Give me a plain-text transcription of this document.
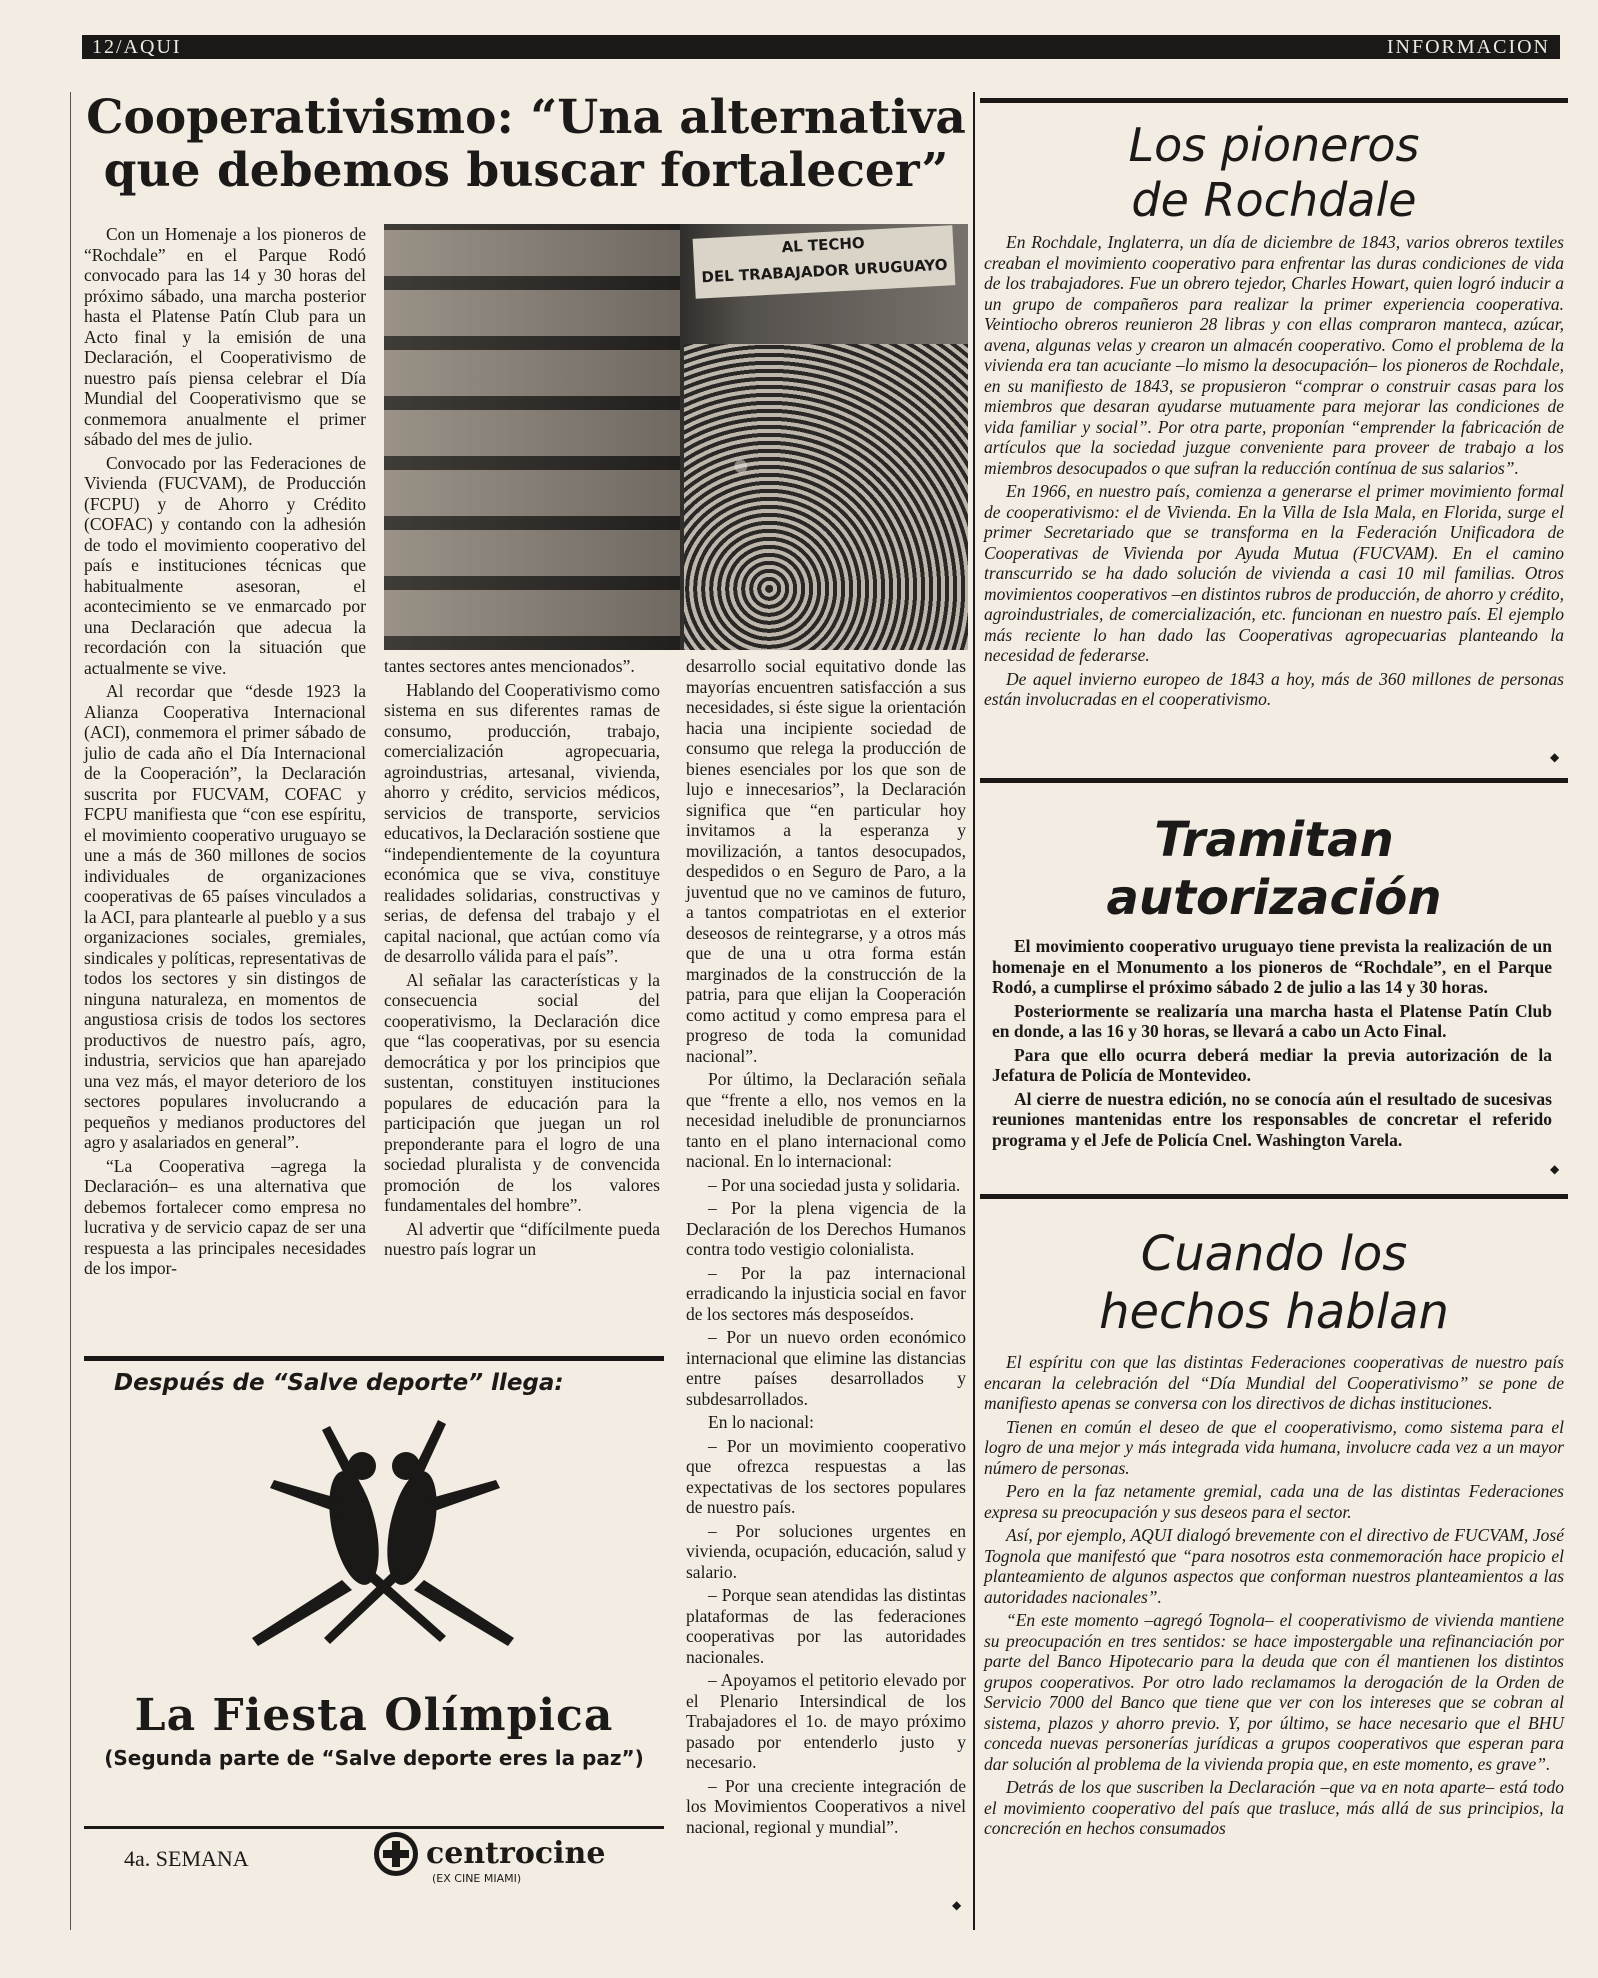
12/AQUI	INFORMACION
Cooperativismo: “Una alternativa
que debemos buscar fortalecer”

Con un Homenaje a los pioneros de “Rochdale” en el Parque Rodó convocado para las 14 y 30 horas del próximo sábado, una marcha posterior hasta el Platense Patín Club para un Acto final y la emisión de una Declaración, el Cooperativismo de nuestro país piensa celebrar el Día Mundial del Cooperativismo que se conmemora anualmente el primer sábado del mes de julio.

Convocado por las Federaciones de Vivienda (FUCVAM), de Producción (FCPU) y de Ahorro y Crédito (COFAC) y contando con la adhesión de todo el movimiento cooperativo del país e instituciones técnicas que habitualmente asesoran, el acontecimiento se ve enmarcado por una Declaración que adecua la recordación con la situación que actualmente se vive.

Al recordar que “desde 1923 la Alianza Cooperativa Internacional (ACI), conmemora el primer sábado de julio de cada año el Día Internacional de la Cooperación”, la Declaración suscrita por FUCVAM, COFAC y FCPU manifiesta que “con ese espíritu, el movimiento cooperativo uruguayo se une a más de 360 millones de socios individuales de organizaciones cooperativas de 65 países vinculados a la ACI, para plantearle al pueblo y a sus organizaciones sociales, gremiales, sindicales y políticas, representativas de todos los sectores y sin distingos de ninguna naturaleza, en momentos de angustiosa crisis de todos los sectores productivos de nuestro país, agro, industria, servicios que han aparejado una vez más, el mayor deterioro de los sectores populares involucrando a pequeños y medianos productores del agro y asalariados en general”.

“La Cooperativa –agrega la Declaración– es una alternativa que debemos fortalecer como empresa no lucrativa y de servicio capaz de ser una respuesta a las principales necesidades de los impor-

AL TECHO
DEL TRABAJADOR URUGUAYO

tantes sectores antes mencionados”.

Hablando del Cooperativismo como sistema en sus diferentes ramas de consumo, producción, trabajo, comercialización agropecuaria, agroindustrias, artesanal, vivienda, ahorro y crédito, servicios médicos, servicios de transporte, servicios educativos, la Declaración sostiene que “independientemente de la coyuntura económica que se viva, constituye realidades solidarias, constructivas y serias, de defensa del trabajo y el capital nacional, que actúan como vía de desarrollo válida para el país”.

Al señalar las características y la consecuencia social del cooperativismo, la Declaración dice que “las cooperativas, por su esencia democrática y por los principios que sustentan, constituyen instituciones populares de educación para la participación que juegan un rol preponderante para el logro de una sociedad pluralista y de convencida promoción de los valores fundamentales del hombre”.

Al advertir que “difícilmente pueda nuestro país lograr un

desarrollo social equitativo donde las mayorías encuentren satisfacción a sus necesidades, si éste sigue la orientación hacia una incipiente sociedad de consumo que relega la producción de bienes esenciales por los que son de lujo e innecesarios”, la Declaración significa que “en particular hoy invitamos a la esperanza y movilización, a tantos desocupados, despedidos o en Seguro de Paro, a la juventud que no ve caminos de futuro, a tantos compatriotas en el exterior deseosos de reintegrarse, y a otros más que de una u otra forma están marginados de la construcción de la patria, para que elijan la Cooperación como actitud y como empresa para el progreso de toda la comunidad nacional”.

Por último, la Declaración señala que “frente a ello, nos vemos en la necesidad ineludible de pronunciarnos tanto en el plano internacional como nacional. En lo internacional:

– Por una sociedad justa y solidaria.

– Por la plena vigencia de la Declaración de los Derechos Humanos contra todo vestigio colonialista.

– Por la paz internacional erradicando la injusticia social en favor de los sectores más desposeídos.

– Por un nuevo orden económico internacional que elimine las distancias entre países desarrollados y subdesarrollados.

En lo nacional:

– Por un movimiento cooperativo que ofrezca respuestas a las expectativas de los sectores populares de nuestro país.

– Por soluciones urgentes en vivienda, ocupación, educación, salud y salario.

– Porque sean atendidas las distintas plataformas de las federaciones cooperativas por las autoridades nacionales.

– Apoyamos el petitorio elevado por el Plenario Intersindical de los Trabajadores el 1o. de mayo próximo pasado por entenderlo justo y necesario.

– Por una creciente integración de los Movimientos Cooperativos a nivel nacional, regional y mundial”.

Después de “Salve deporte” llega:
La Fiesta Olímpica
(Segunda parte de “Salve deporte eres la paz”)
4a. SEMANA	centrocine
(EX CINE MIAMI)
Los pioneros
de Rochdale

En Rochdale, Inglaterra, un día de diciembre de 1843, varios obreros textiles creaban el movimiento cooperativo para enfrentar las duras condiciones de vida de los trabajadores. Fue un obrero tejedor, Charles Howart, quien logró inducir a un grupo de compañeros para realizar la primer experiencia cooperativa. Veintiocho obreros reunieron 28 libras y con ellas compraron manteca, azúcar, avena, algunas velas y crearon un almacén cooperativo. Como el problema de la vivienda era tan acuciante –lo mismo la desocupación– los pioneros de Rochdale, en su manifiesto de 1843, se propusieron “comprar o construir casas para los miembros que desaran ayudarse mutuamente para mejorar las condiciones de vida familiar y social”. Por otra parte, proponían “emprender la fabricación de artículos que la sociedad juzgue conveniente para proveer de trabajo a los miembros desocupados o que sufran la reducción contínua de sus salarios”.

En 1966, en nuestro país, comienza a generarse el primer movimiento formal de cooperativismo: el de Vivienda. En la Villa de Isla Mala, en Florida, surge el primer Secretariado que se transforma en la Federación Unificadora de Cooperativas de Vivienda por Ayuda Mutua (FUCVAM). En el camino transcurrido se ha dado solución de vivienda a casi 10 mil familias. Otros movimientos cooperativos –en distintos rubros de producción, de ahorro y crédito, agroindustriales, de comercialización, etc. funcionan en nuestro país. El ejemplo más reciente lo han dado las Cooperativas agropecuarias planteando la necesidad de federarse.

De aquel invierno europeo de 1843 a hoy, más de 360 millones de personas están involucradas en el cooperativismo.

Tramitan
autorización

El movimiento cooperativo uruguayo tiene prevista la realización de un homenaje en el Monumento a los pioneros de “Rochdale”, en el Parque Rodó, a cumplirse el próximo sábado 2 de julio a las 14 y 30 horas.

Posteriormente se realizaría una marcha hasta el Platense Patín Club en donde, a las 16 y 30 horas, se llevará a cabo un Acto Final.

Para que ello ocurra deberá mediar la previa autorización de la Jefatura de Policía de Montevideo.

Al cierre de nuestra edición, no se conocía aún el resultado de sucesivas reuniones mantenidas entre los responsables de concretar el referido programa y el Jefe de Policía Cnel. Washington Varela.

Cuando los
hechos hablan

El espíritu con que las distintas Federaciones cooperativas de nuestro país encaran la celebración del “Día Mundial del Cooperativismo” se pone de manifiesto apenas se conversa con los directivos de dichas instituciones.

Tienen en común el deseo de que el cooperativismo, como sistema para el logro de una mejor y más integrada vida humana, involucre cada vez a un mayor número de personas.

Pero en la faz netamente gremial, cada una de las distintas Federaciones expresa su preocupación y sus deseos para el sector.

Así, por ejemplo, AQUI dialogó brevemente con el directivo de FUCVAM, José Tognola que manifestó que “para nosotros esta conmemoración hace propicio el planteamiento de algunos aspectos que conforman nuestros planteamientos a las autoridades nacionales”.

“En este momento –agregó Tognola– el cooperativismo de vivienda mantiene su preocupación en tres sentidos: se hace impostergable una refinanciación por parte del Banco Hipotecario para la deuda que con él mantienen los distintos grupos cooperativos. Por otro lado reclamamos la derogación de la Orden de Servicio 7000 del Banco que tiene que ver con los intereses que se cobran al sistema, plazos y ahorro previo. Y, por último, se hace necesario que el BHU conceda nuevas personerías jurídicas a grupos cooperativos que esperan para dar solución al problema de la vivienda propia que, en este momento, es grave”.

Detrás de los que suscriben la Declaración –que va en nota aparte– está todo el movimiento cooperativo del país que trasluce, más allá de sus principios, la concreción en hechos consumados

◆
◆
◆
